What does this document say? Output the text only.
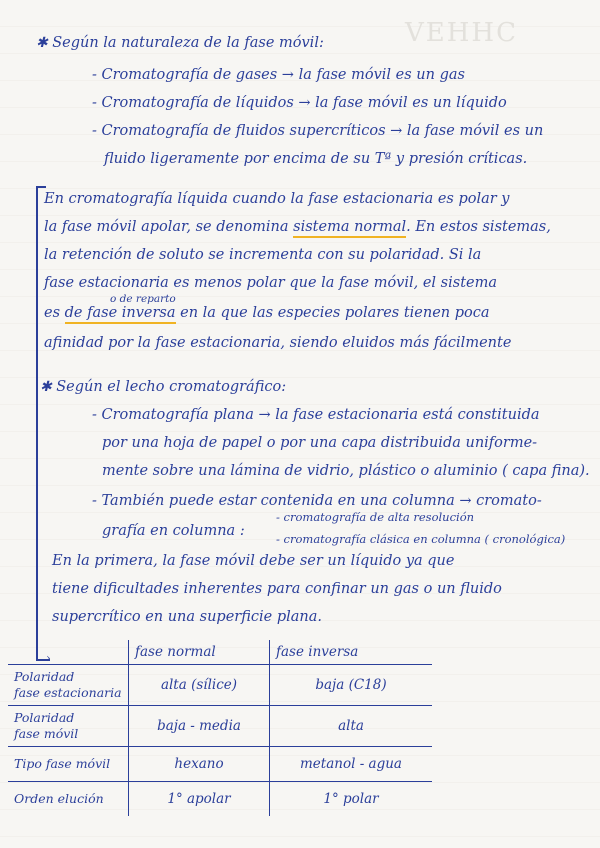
VEHHC
✱ Según la naturaleza de la fase móvil:
- Cromatografía de gases → la fase móvil es un gas
- Cromatografía de líquidos → la fase móvil es un líquido
- Cromatografía de fluidos supercríticos → la fase móvil es un
fluido ligeramente por encima de su Tª y presión críticas.
En cromatografía líquida cuando la fase estacionaria es polar y
la fase móvil apolar, se denomina sistema normal. En estos sistemas,
la retención de soluto se incrementa con su polaridad. Si la
fase estacionaria es menos polar que la fase móvil, el sistema
o de reparto
es de fase inversa en la que las especies polares tienen poca
afinidad por la fase estacionaria, siendo eluidos más fácilmente
✱ Según el lecho cromatográfico:
- Cromatografía plana → la fase estacionaria está constituida
por una hoja de papel o por una capa distribuida uniforme-
mente sobre una lámina de vidrio, plástico o aluminio ( capa fina).
- También puede estar contenida en una columna → cromato-
grafía en columna :
- cromatografía de alta resolución
- cromatografía clásica en columna ( cronológica)
En la primera, la fase móvil debe ser un líquido ya que
tiene dificultades inherentes para confinar un gas o un fluido
supercrítico en una superficie plana.
›
		fase normal	fase inversa
Polaridad
fase estacionaria	alta (sílice)	baja (C18)
Polaridad
fase móvil	baja - media	alta
Tipo fase móvil	hexano	metanol - agua
Orden elución	1° apolar	1° polar
